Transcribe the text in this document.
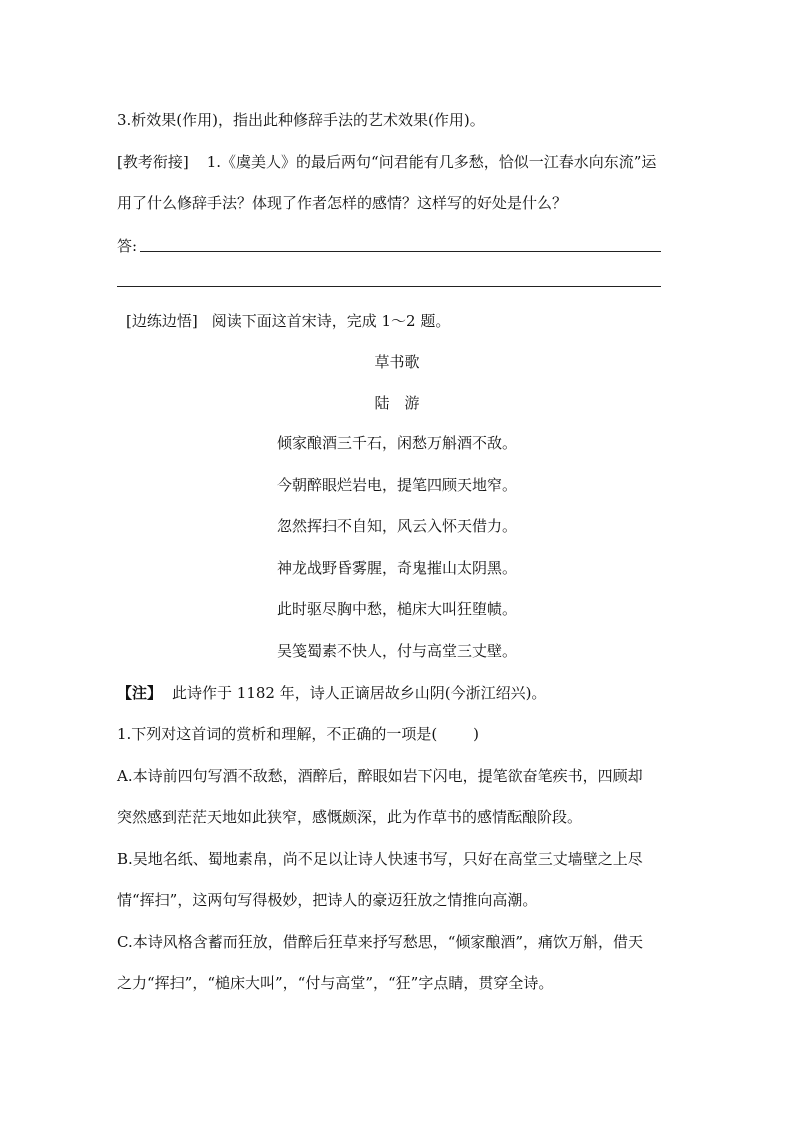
3.析效果(作用)，指出此种修辞手法的艺术效果(作用)。
[教考衔接] 1.《虞美人》的最后两句“问君能有几多愁，恰似一江春水向东流”运
用了什么修辞手法？体现了作者怎样的感情？这样写的好处是什么？
答:
[边练边悟] 阅读下面这首宋诗，完成 1～2 题。
草书歌
陆　游
倾家酿酒三千石，闲愁万斛酒不敌。
今朝醉眼烂岩电，提笔四顾天地窄。
忽然挥扫不自知，风云入怀天借力。
神龙战野昏雾腥，奇鬼摧山太阴黑。
此时驱尽胸中愁，槌床大叫狂堕帻。
吴笺蜀素不快人，付与高堂三丈壁。
【注】 此诗作于 1182 年，诗人正谪居故乡山阴(今浙江绍兴)。
1.下列对这首词的赏析和理解，不正确的一项是( )
A.本诗前四句写酒不敌愁，酒醉后，醉眼如岩下闪电，提笔欲奋笔疾书，四顾却
突然感到茫茫天地如此狭窄，感慨颇深，此为作草书的感情酝酿阶段。
B.吴地名纸、蜀地素帛，尚不足以让诗人快速书写，只好在高堂三丈墙壁之上尽
情“挥扫”，这两句写得极妙，把诗人的豪迈狂放之情推向高潮。
C.本诗风格含蓄而狂放，借醉后狂草来抒写愁思，“倾家酿酒”，痛饮万斛，借天
之力“挥扫”，“槌床大叫”，“付与高堂”，“狂”字点睛，贯穿全诗。
